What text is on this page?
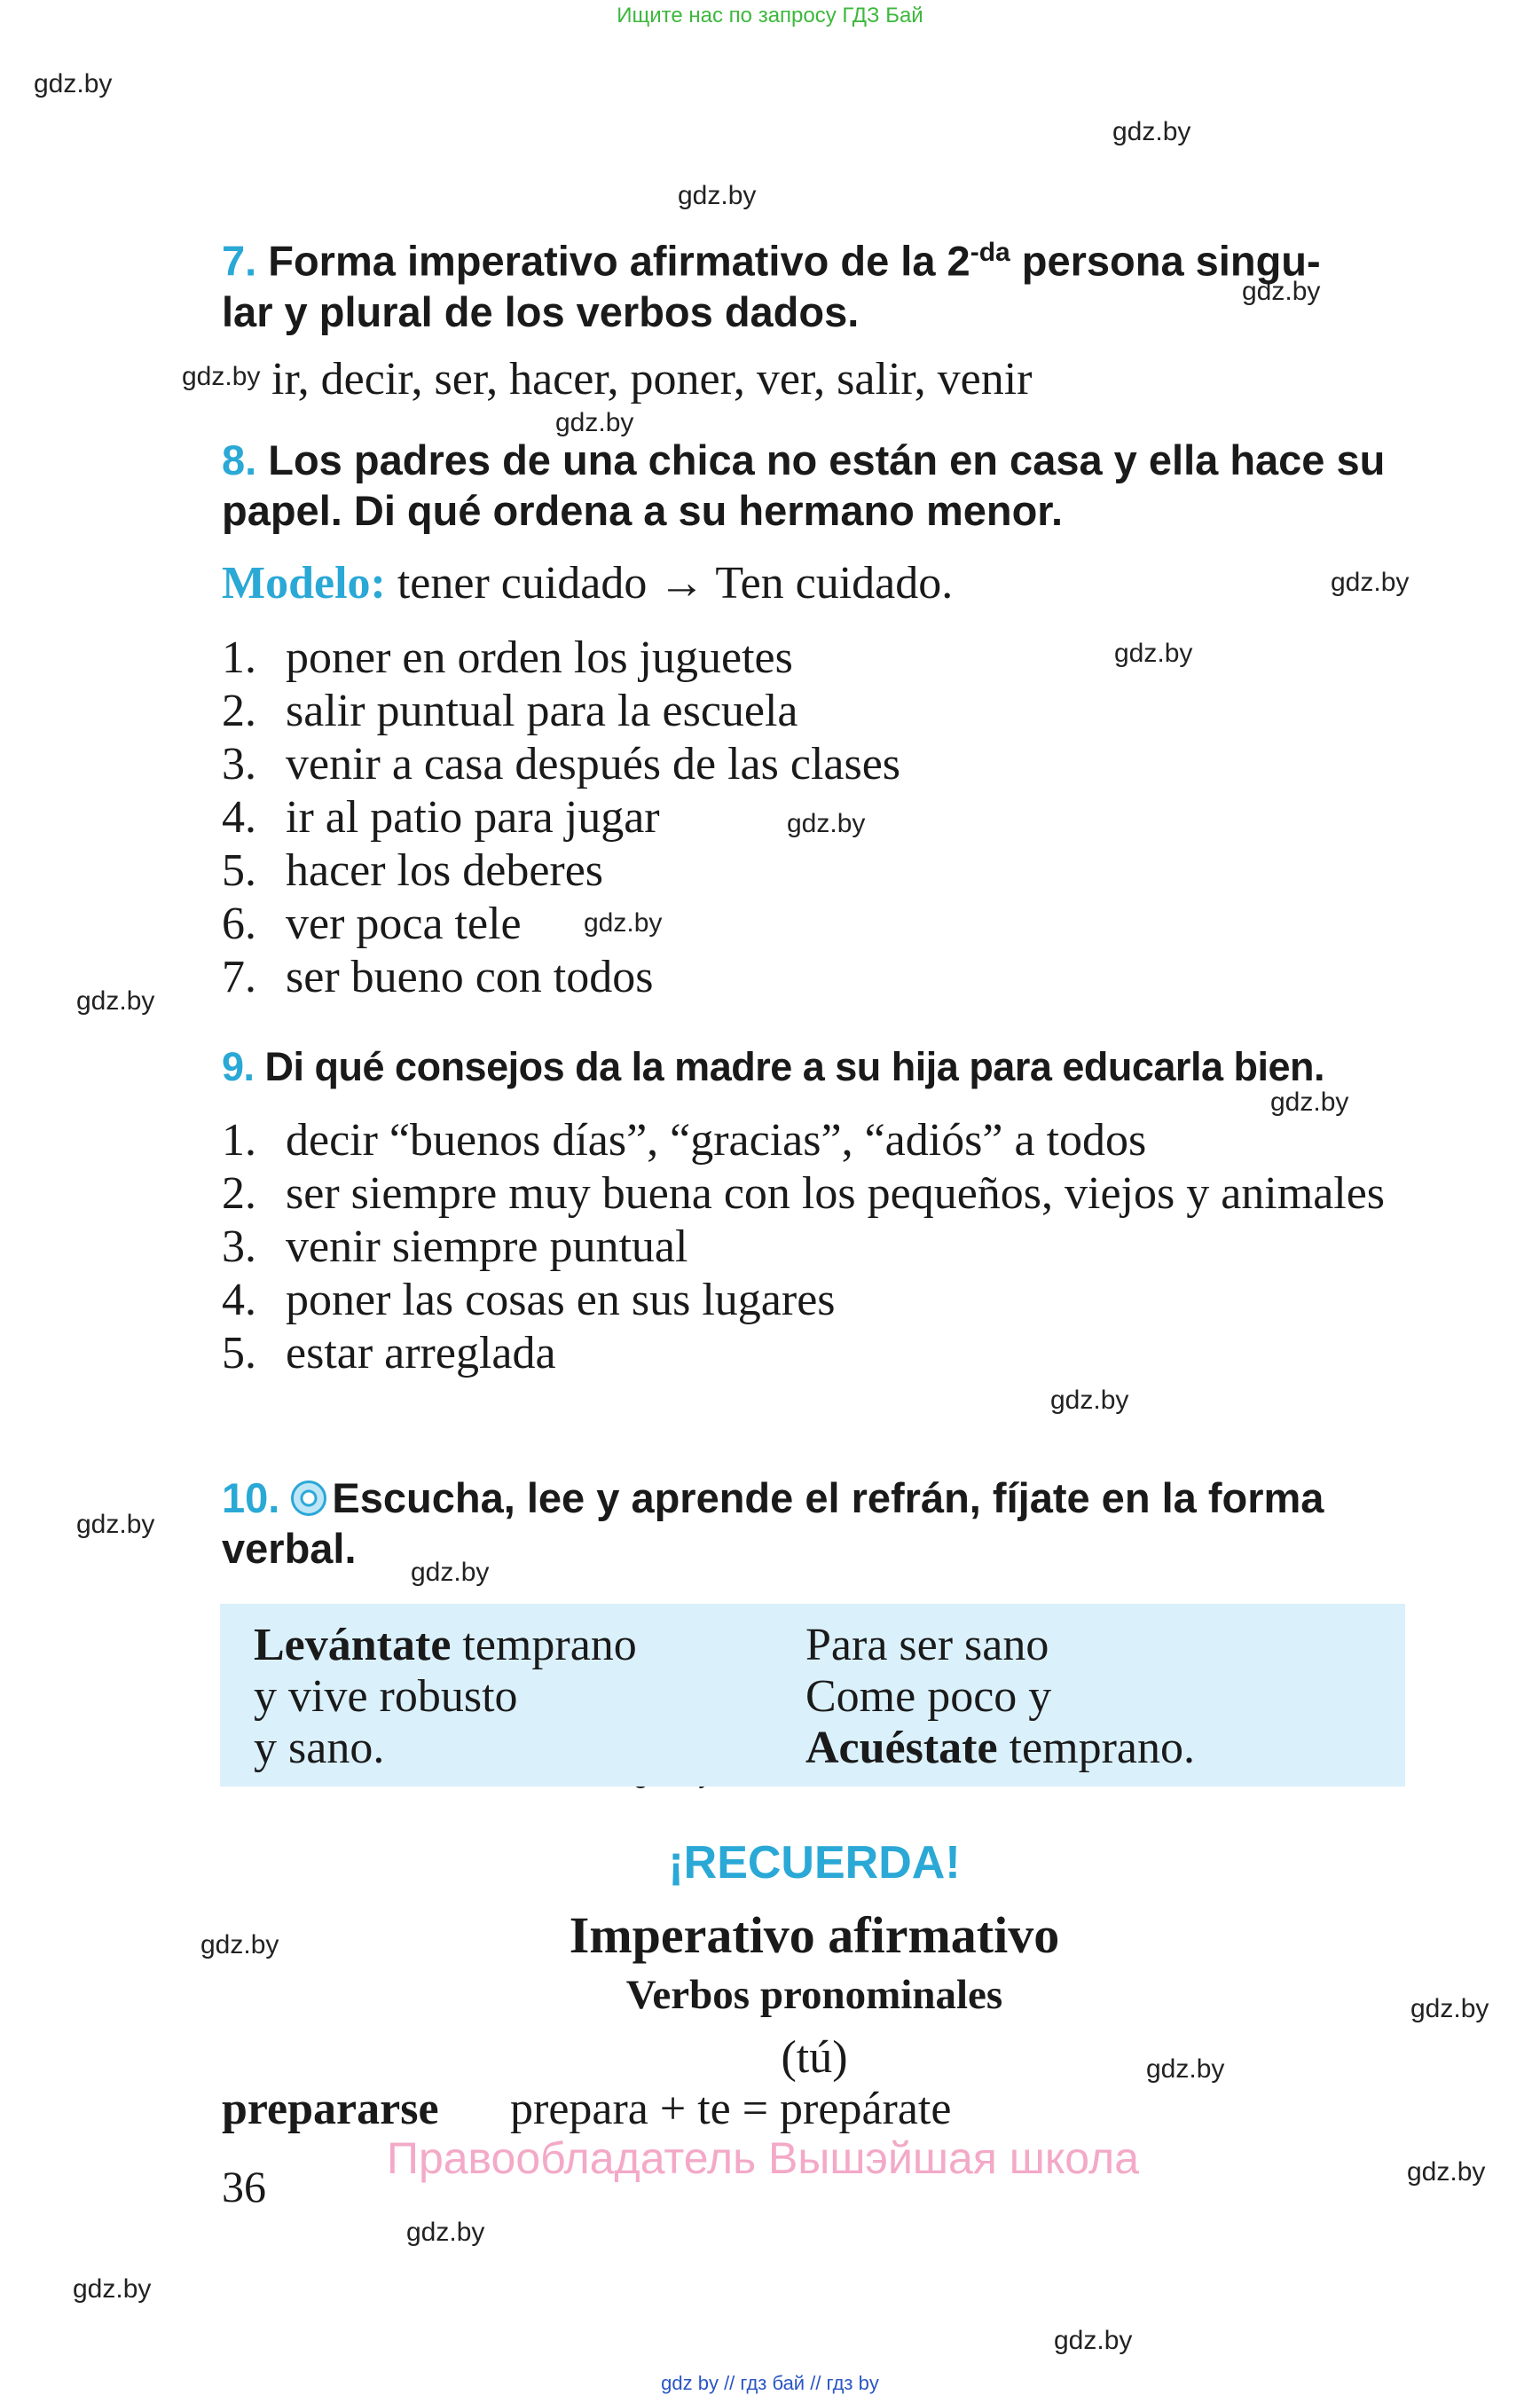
Ищите нас по запросу ГДЗ Бай
gdz.by
gdz.by
gdz.by
gdz.by
gdz.by
gdz.by
gdz.by
gdz.by
gdz.by
gdz.by
gdz.by
gdz.by
gdz.by
gdz.by
gdz.by
gdz.by
gdz.by
gdz.by
gdz.by
gdz.by
gdz.by
gdz.by
7. Forma imperativo afirmativo de la $2^{-da}$ persona singu-
lar y plural de los verbos dados.
ir, decir, ser, hacer, poner, ver, salir, venir
8. Los padres de una chica no están en casa y ella hace su papel. Di qué ordena a su hermano menor.
Modelo: tener cuidado → Ten cuidado.
1. poner en orden los juguetes
2. salir puntual para la escuela
3. venir a casa después de las clases
4. ir al patio para jugar
5. hacer los deberes
6. ver poca tele
7. ser bueno con todos
9. Di qué consejos da la madre a su hija para educarla bien.
1. decir “buenos días”, “gracias”, “adiós” a todos
2. ser siempre muy buena con los pequeños, viejos y animales
3. venir siempre puntual
4. poner las cosas en sus lugares
5. estar arreglada
10. Escucha, lee y aprende el refrán, fíjate en la forma verbal.
Levántate temprano
y vive robusto
y sano.
Para ser sano
Come poco y
Acuéstate temprano.
¡RECUERDA!
Imperativo afirmativo
Verbos pronominales
(tú)
prepararse prepara + te = prepárate
36
Правообладатель Вышэйшая школа
gdz by // гдз бай // гдз by
